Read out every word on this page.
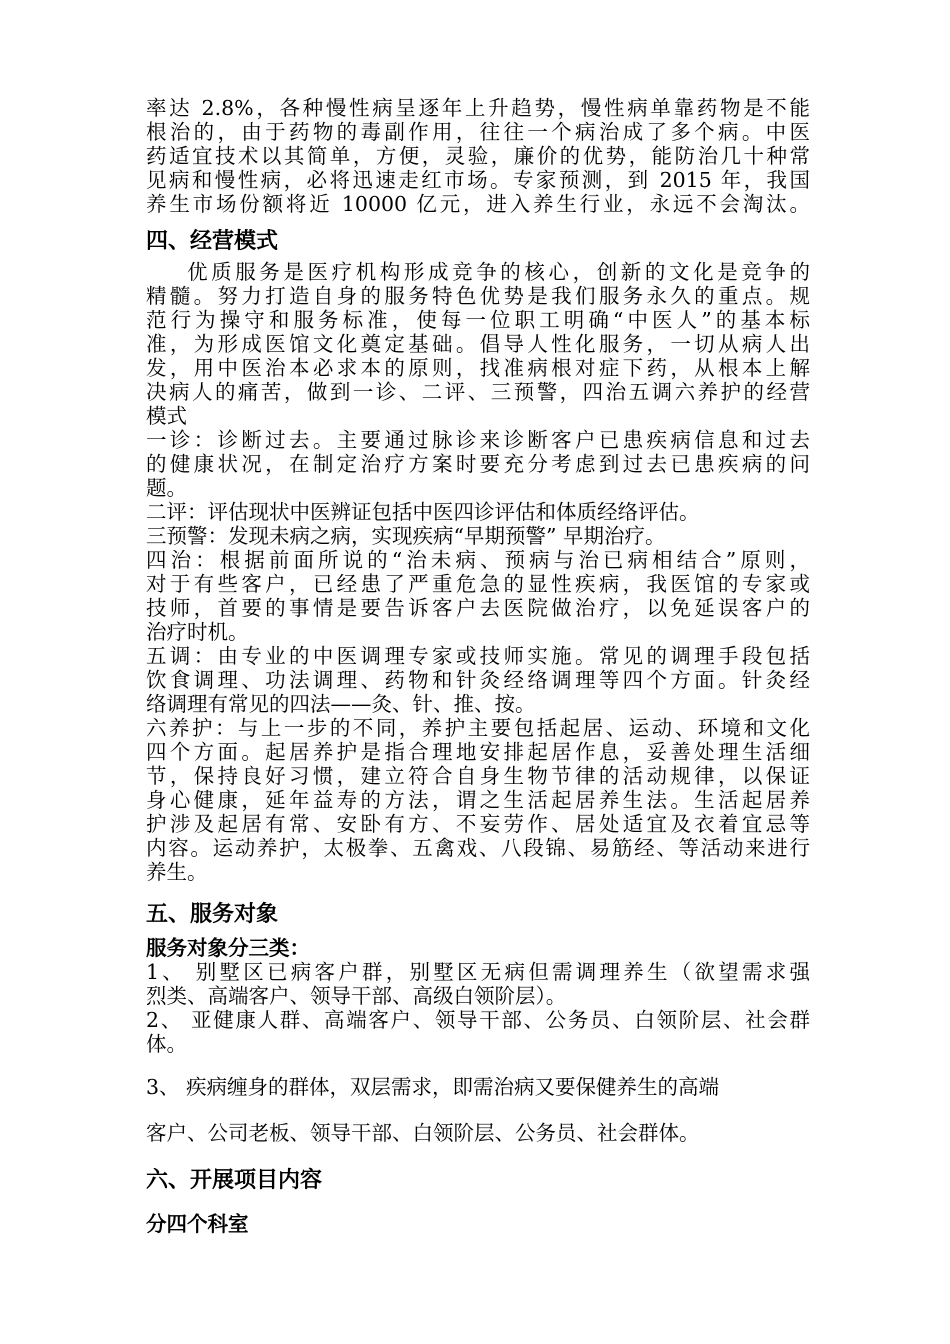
率达 2.8%，各种慢性病呈逐年上升趋势，慢性病单靠药物是不能
根治的，由于药物的毒副作用，往往一个病治成了多个病。中医
药适宜技术以其简单，方便，灵验，廉价的优势，能防治几十种常
见病和慢性病，必将迅速走红市场。专家预测，到 2015 年，我国
养生市场份额将近 10000 亿元，进入养生行业，永远不会淘汰。
四、经营模式
优质服务是医疗机构形成竞争的核心，创新的文化是竞争的
精髓。努力打造自身的服务特色优势是我们服务永久的重点。规
范行为操守和服务标准，使每一位职工明确“中医人”的基本标
准，为形成医馆文化奠定基础。倡导人性化服务，一切从病人出
发，用中医治本必求本的原则，找准病根对症下药，从根本上解
决病人的痛苦，做到一诊、二评、三预警，四治五调六养护的经营
模式
一诊：诊断过去。主要通过脉诊来诊断客户已患疾病信息和过去
的健康状况，在制定治疗方案时要充分考虑到过去已患疾病的问
题。
二评：评估现状中医辨证包括中医四诊评估和体质经络评估。
三预警：发现未病之病，实现疾病“早期预警” 早期治疗。
四治：根据前面所说的“治未病、预病与治已病相结合”原则，
对于有些客户，已经患了严重危急的显性疾病，我医馆的专家或
技师，首要的事情是要告诉客户去医院做治疗，以免延误客户的
治疗时机。
五调：由专业的中医调理专家或技师实施。常见的调理手段包括
饮食调理、功法调理、药物和针灸经络调理等四个方面。针灸经
络调理有常见的四法——灸、针、推、按。
六养护：与上一步的不同，养护主要包括起居、运动、环境和文化
四个方面。起居养护是指合理地安排起居作息，妥善处理生活细
节，保持良好习惯，建立符合自身生物节律的活动规律，以保证
身心健康，延年益寿的方法，谓之生活起居养生法。生活起居养
护涉及起居有常、安卧有方、不妄劳作、居处适宜及衣着宜忌等
内容。运动养护，太极拳、五禽戏、八段锦、易筋经、等活动来进行
养生。
五、服务对象
服务对象分三类：
1、 别墅区已病客户群，别墅区无病但需调理养生（欲望需求强
烈类、高端客户、领导干部、高级白领阶层）。
2、 亚健康人群、高端客户、领导干部、公务员、白领阶层、社会群
体。
3、 疾病缠身的群体，双层需求，即需治病又要保健养生的高端
客户、公司老板、领导干部、白领阶层、公务员、社会群体。
六、开展项目内容
分四个科室
